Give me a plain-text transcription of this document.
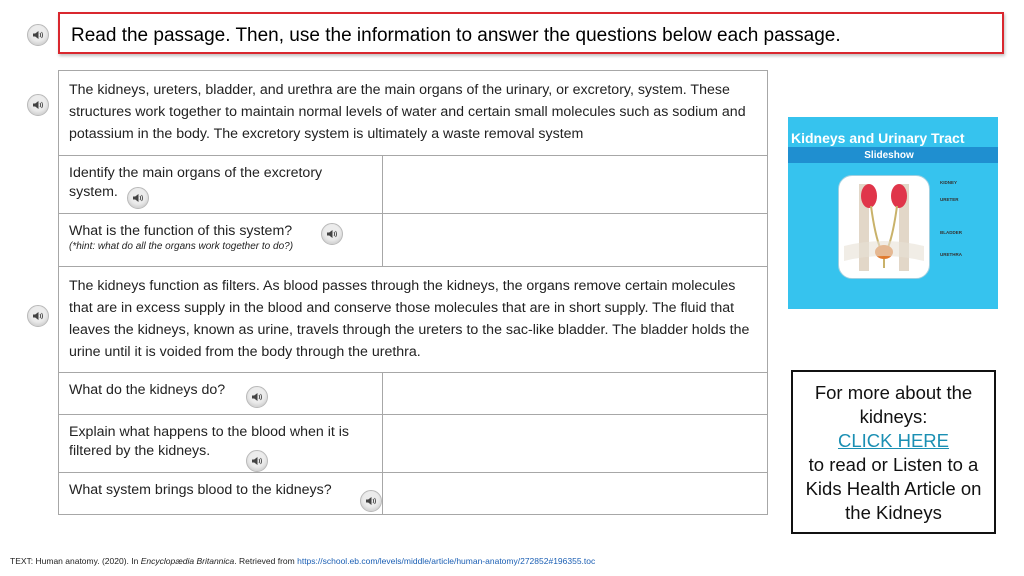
Read the passage. Then, use the information to answer the questions below each passage.
The kidneys, ureters, bladder, and urethra are the main organs of the urinary, or excretory, system. These structures work together to maintain normal levels of water and certain small molecules such as sodium and potassium in the body. The excretory system is ultimately a waste removal system
Identify the main organs of the excretory system.
What is the function of this system?
(*hint: what do all the organs work together to do?)
The kidneys function as filters. As blood passes through the kidneys, the organs remove certain molecules that are in excess supply in the blood and conserve those molecules that are in short supply. The fluid that leaves the kidneys, known as urine, travels through the ureters to the sac-like bladder. The bladder holds the urine until it is voided from the body through the urethra.
What do the kidneys do?
Explain what happens to the blood when it is filtered by the kidneys.
What system brings blood to the kidneys?
Kidneys and Urinary Tract
Slideshow
KIDNEY
URETER
BLADDER
URETHRA
For more about the kidneys:
CLICK HERE
to read or Listen to a Kids Health Article on the Kidneys
TEXT: Human anatomy. (2020). In Encyclopædia Britannica. Retrieved from https://school.eb.com/levels/middle/article/human-anatomy/272852#196355.toc
